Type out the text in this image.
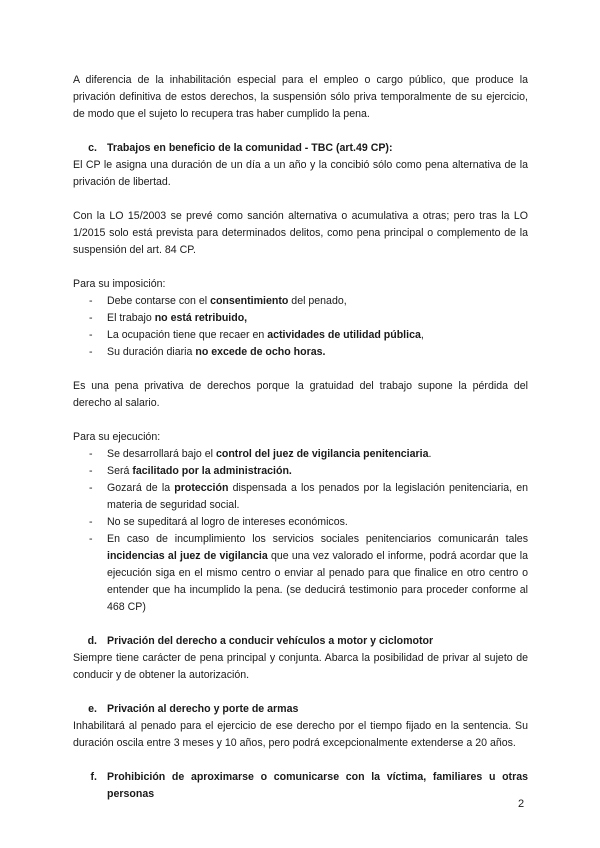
A diferencia de la inhabilitación especial para el empleo o cargo público, que produce la privación definitiva de estos derechos, la suspensión sólo priva temporalmente de su ejercicio, de modo que el sujeto lo recupera tras haber cumplido la pena.

c. Trabajos en beneficio de la comunidad - TBC (art.49 CP):

El CP le asigna una duración de un día a un año y la concibió sólo como pena alternativa de la privación de libertad.

Con la LO 15/2003 se prevé como sanción alternativa o acumulativa a otras; pero tras la LO 1/2015 solo está prevista para determinados delitos, como pena principal o complemento de la suspensión del art. 84 CP.

Para su imposición:

-	Debe contarse con el consentimiento del penado,
-	El trabajo no está retribuido,
-	La ocupación tiene que recaer en actividades de utilidad pública,
-	Su duración diaria no excede de ocho horas.

Es una pena privativa de derechos porque la gratuidad del trabajo supone la pérdida del derecho al salario.

Para su ejecución:

-	Se desarrollará bajo el control del juez de vigilancia penitenciaria.
-	Será facilitado por la administración.
-	Gozará de la protección dispensada a los penados por la legislación penitenciaria, en materia de seguridad social.
-	No se supeditará al logro de intereses económicos.
-	En caso de incumplimiento los servicios sociales penitenciarios comunicarán tales incidencias al juez de vigilancia que una vez valorado el informe, podrá acordar que la ejecución siga en el mismo centro o enviar al penado para que finalice en otro centro o entender que ha incumplido la pena. (se deducirá testimonio para proceder conforme al 468 CP)
d. Privación del derecho a conducir vehículos a motor y ciclomotor

Siempre tiene carácter de pena principal y conjunta. Abarca la posibilidad de privar al sujeto de conducir y de obtener la autorización.

e. Privación al derecho y porte de armas

Inhabilitará al penado para el ejercicio de ese derecho por el tiempo fijado en la sentencia. Su duración oscila entre 3 meses y 10 años, pero podrá excepcionalmente extenderse a 20 años.

f. Prohibición de aproximarse o comunicarse con la víctima, familiares u otras personas
2
